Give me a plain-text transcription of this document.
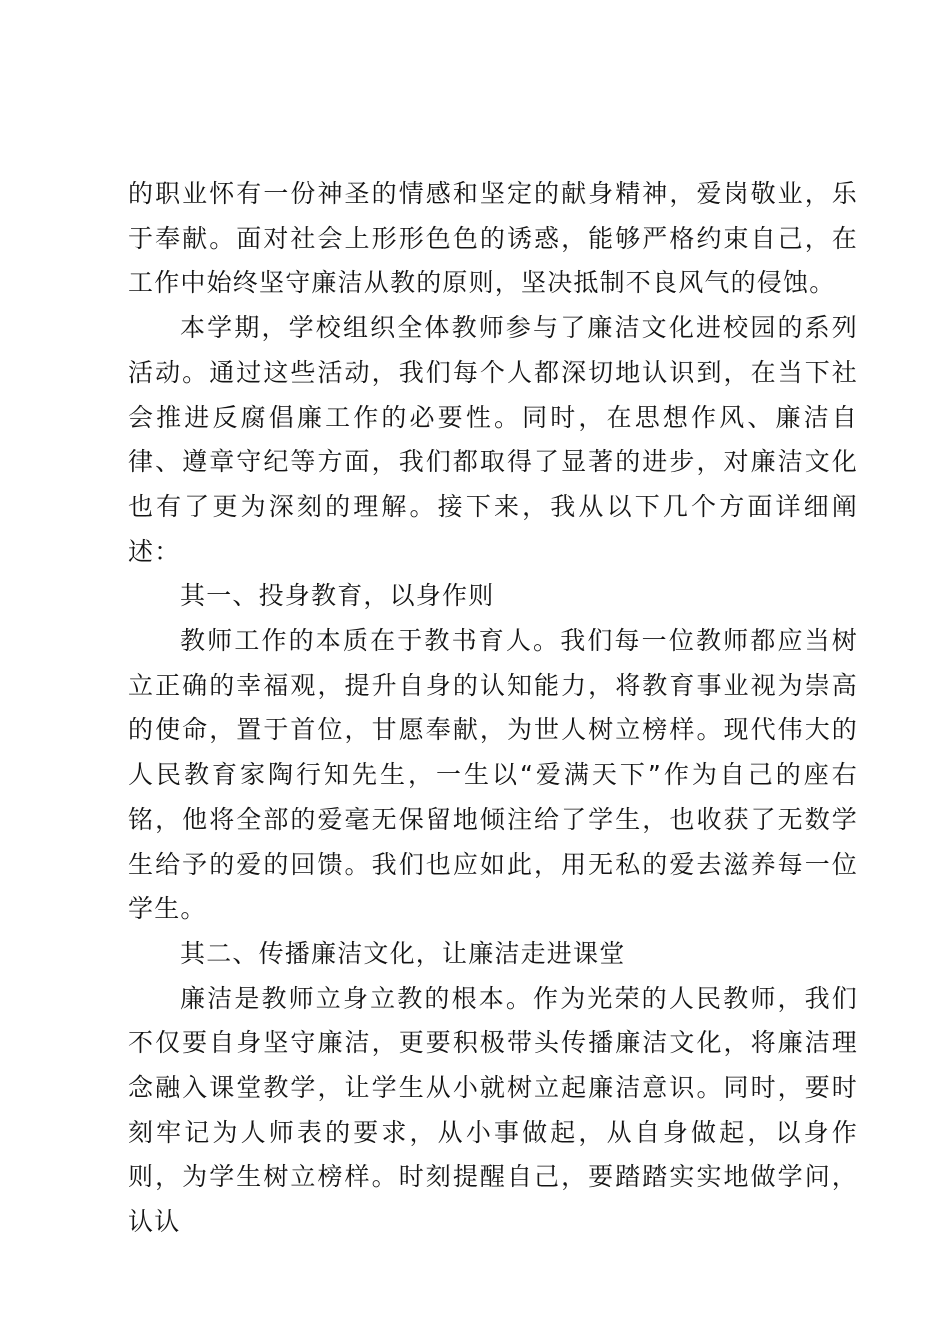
的职业怀有一份神圣的情感和坚定的献身精神，爱岗敬业，乐于奉献。面对社会上形形色色的诱惑，能够严格约束自己，在工作中始终坚守廉洁从教的原则，坚决抵制不良风气的侵蚀。

本学期，学校组织全体教师参与了廉洁文化进校园的系列活动。通过这些活动，我们每个人都深切地认识到，在当下社会推进反腐倡廉工作的必要性。同时，在思想作风、廉洁自律、遵章守纪等方面，我们都取得了显著的进步，对廉洁文化也有了更为深刻的理解。接下来，我从以下几个方面详细阐述：

其一、投身教育，以身作则

教师工作的本质在于教书育人。我们每一位教师都应当树立正确的幸福观，提升自身的认知能力，将教育事业视为崇高的使命，置于首位，甘愿奉献，为世人树立榜样。现代伟大的人民教育家陶行知先生，一生以“爱满天下”作为自己的座右铭，他将全部的爱毫无保留地倾注给了学生，也收获了无数学生给予的爱的回馈。我们也应如此，用无私的爱去滋养每一位学生。

其二、传播廉洁文化，让廉洁走进课堂

廉洁是教师立身立教的根本。作为光荣的人民教师，我们不仅要自身坚守廉洁，更要积极带头传播廉洁文化，将廉洁理念融入课堂教学，让学生从小就树立起廉洁意识。同时，要时刻牢记为人师表的要求，从小事做起，从自身做起，以身作则，为学生树立榜样。时刻提醒自己，要踏踏实实地做学问，认认
